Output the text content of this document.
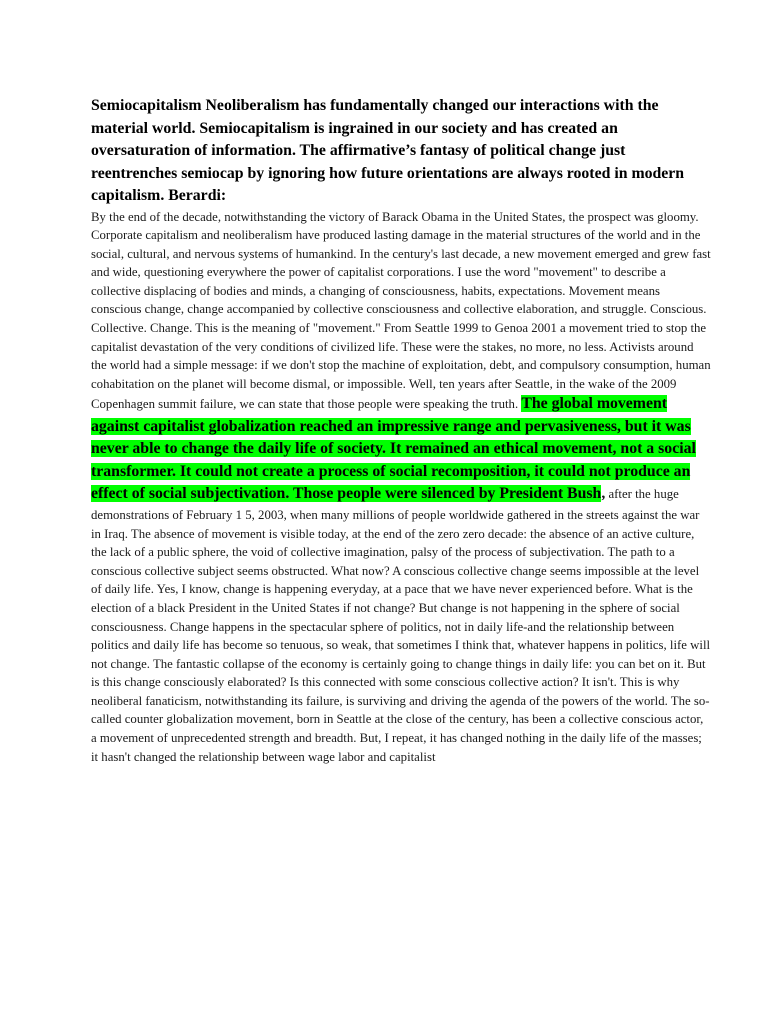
Semiocapitalism Neoliberalism has fundamentally changed our interactions with the material world. Semiocapitalism is ingrained in our society and has created an oversaturation of information. The affirmative’s fantasy of political change just reentrenches semiocap by ignoring how future orientations are always rooted in modern capitalism. Berardi:

By the end of the decade, notwithstanding the victory of Barack Obama in the United States, the prospect was gloomy. Corporate capitalism and neoliberalism have produced lasting damage in the material structures of the world and in the social, cultural, and nervous systems of humankind. In the century's last decade, a new movement emerged and grew fast and wide, questioning everywhere the power of capitalist corporations. I use the word "movement" to describe a collective displacing of bodies and minds, a changing of consciousness, habits, expectations. Movement means conscious change, change accompanied by collective consciousness and collective elaboration, and struggle. Conscious. Collective. Change. This is the meaning of "movement." From Seattle 1999 to Genoa 2001 a movement tried to stop the capitalist devastation of the very conditions of civilized life. These were the stakes, no more, no less. Activists around the world had a simple message: if we don't stop the machine of exploitation, debt, and compulsory consumption, human cohabitation on the planet will become dismal, or impossible. Well, ten years after Seattle, in the wake of the 2009 Copenhagen summit failure, we can state that those people were speaking the truth. The global movement against capitalist globalization reached an impressive range and pervasiveness, but it was never able to change the daily life of society. It remained an ethical movement, not a social transformer. It could not create a process of social recomposition, it could not produce an effect of social subjectivation. Those people were silenced by President Bush, after the huge demonstrations of February 1 5, 2003, when many millions of people worldwide gathered in the streets against the war in Iraq. The absence of movement is visible today, at the end of the zero zero decade: the absence of an active culture, the lack of a public sphere, the void of collective imagination, palsy of the process of subjectivation. The path to a conscious collective subject seems obstructed. What now? A conscious collective change seems impossible at the level of daily life. Yes, I know, change is happening everyday, at a pace that we have never experienced before. What is the election of a black President in the United States if not change? But change is not happening in the sphere of social consciousness. Change happens in the spectacular sphere of politics, not in daily life-and the relationship between politics and daily life has become so tenuous, so weak, that sometimes I think that, whatever happens in politics, life will not change. The fantastic collapse of the economy is certainly going to change things in daily life: you can bet on it. But is this change consciously elaborated? Is this connected with some conscious collective action? It isn't. This is why neoliberal fanaticism, notwithstanding its failure, is surviving and driving the agenda of the powers of the world. The so-called counter globalization movement, born in Seattle at the close of the century, has been a collective conscious actor, a movement of unprecedented strength and breadth. But, I repeat, it has changed nothing in the daily life of the masses; it hasn't changed the relationship between wage labor and capitalist
